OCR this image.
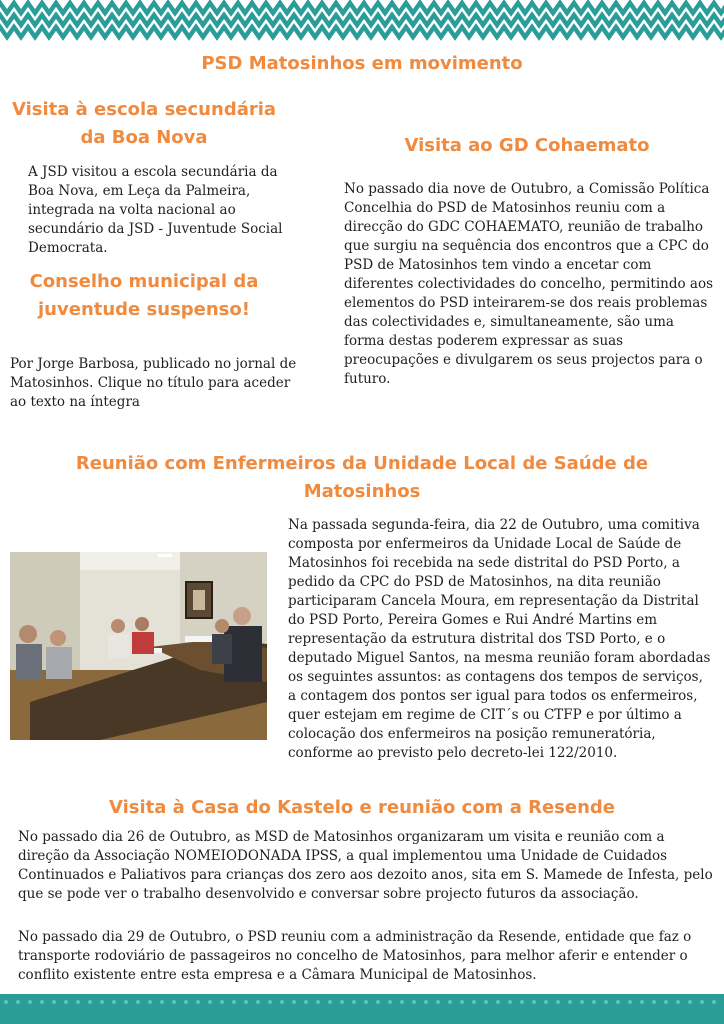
PSD Matosinhos em movimento
Visita à escola secundária
da Boa Nova

A JSD visitou a escola secundária da Boa Nova, em Leça da Palmeira, integrada na volta nacional ao secundário da JSD - Juventude Social Democrata.

Conselho municipal da
juventude suspenso!

Por Jorge Barbosa, publicado no jornal de Matosinhos. Clique no título para aceder ao texto na íntegra

Visita ao GD Cohaemato

No passado dia nove de Outubro, a Comissão Política Concelhia do PSD de Matosinhos reuniu com a direcção do GDC COHAEMATO, reunião de trabalho que surgiu na sequência dos encontros que a CPC do PSD de Matosinhos tem vindo a encetar com diferentes colectividades do concelho, permitindo aos elementos do PSD inteirarem-se dos reais problemas das colectividades e, simultaneamente, são uma forma destas poderem expressar as suas preocupações e divulgarem os seus projectos para o futuro.

Reunião com Enfermeiros da Unidade Local de Saúde de
Matosinhos

Na passada segunda-feira, dia 22 de Outubro, uma comitiva composta por enfermeiros da Unidade Local de Saúde de Matosinhos foi recebida na sede distrital do PSD Porto, a pedido da CPC do PSD de Matosinhos, na dita reunião participaram Cancela Moura, em representação da Distrital do PSD Porto, Pereira Gomes e Rui André Martins em representação da estrutura distrital dos TSD Porto, e o deputado Miguel Santos, na mesma reunião foram abordadas os seguintes assuntos: as contagens dos tempos de serviços, a contagem dos pontos ser igual para todos os enfermeiros, quer estejam em regime de CIT´s ou CTFP e por último a colocação dos enfermeiros na posição remuneratória, conforme ao previsto pelo decreto-lei 122/2010.

Visita à Casa do Kastelo e reunião com a Resende

No passado dia 26 de Outubro, as MSD de Matosinhos organizaram um visita e reunião com a direção da Associação NOMEIODONADA IPSS, a qual implementou uma Unidade de Cuidados Continuados e Paliativos para crianças dos zero aos dezoito anos, sita em S. Mamede de Infesta, pelo que se pode ver o trabalho desenvolvido e conversar sobre projecto futuros da associação.

No passado dia 29 de Outubro, o PSD reuniu com a administração da Resende, entidade que faz o transporte rodoviário de passageiros no concelho de Matosinhos, para melhor aferir e entender o conflito existente entre esta empresa e a Câmara Municipal de Matosinhos.
